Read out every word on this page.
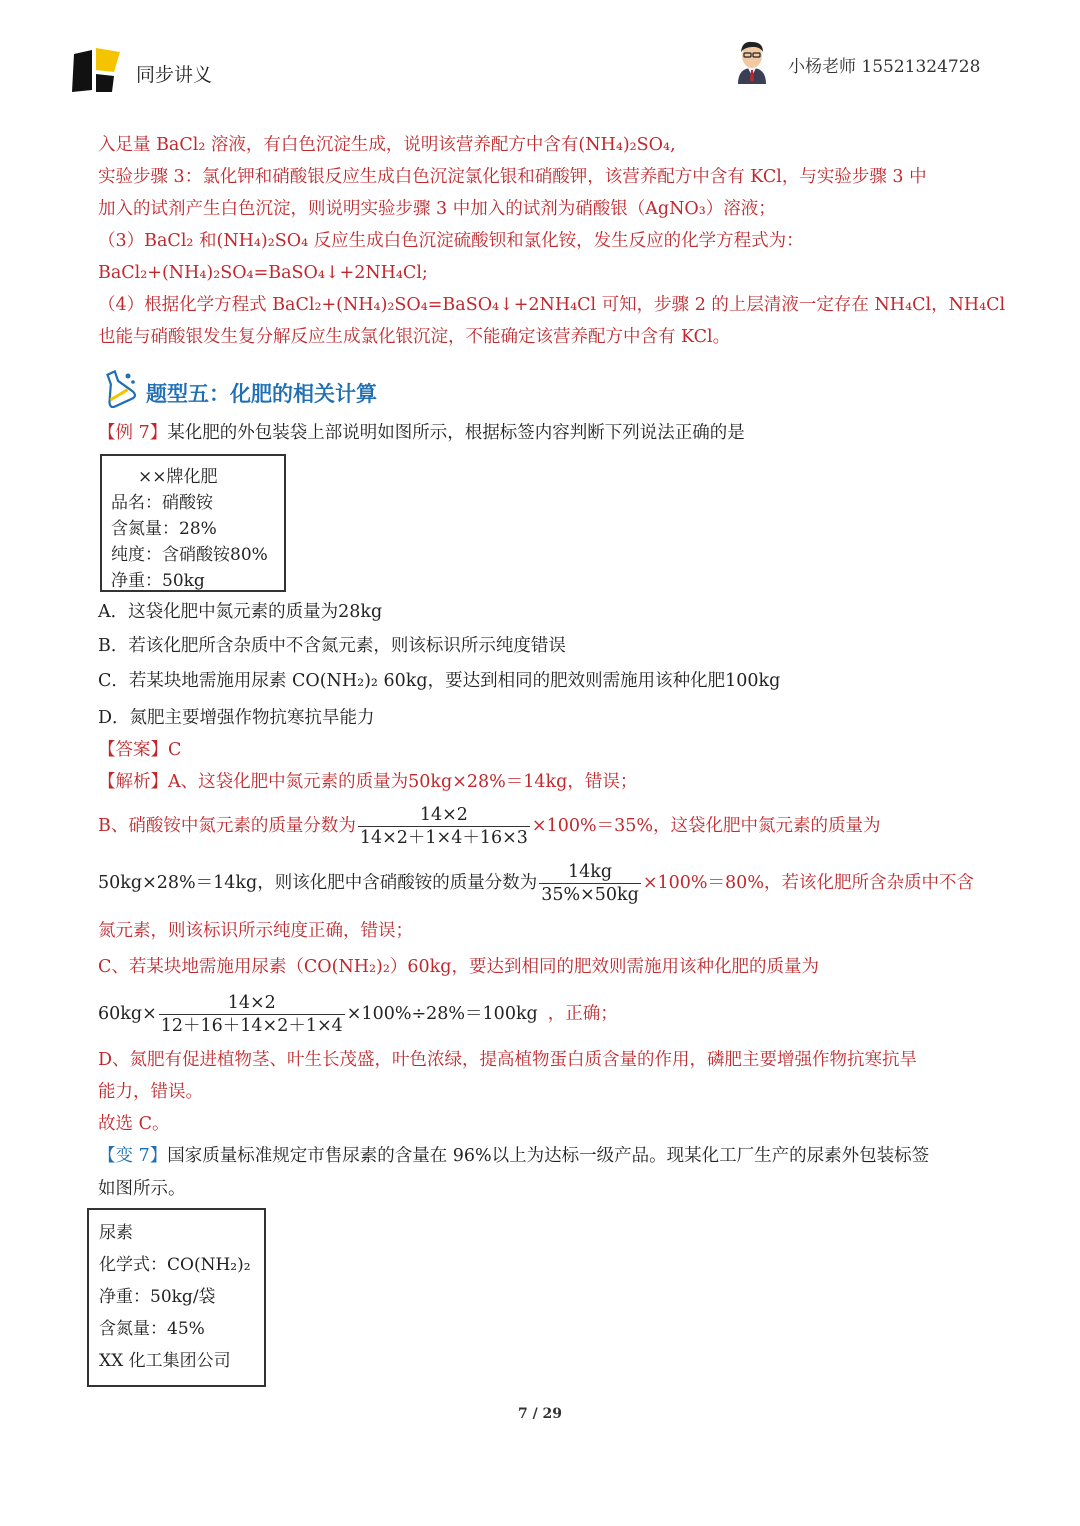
同步讲义	小杨老师 15521324728
入足量 BaCl₂ 溶液，有白色沉淀生成，说明该营养配方中含有(NH₄)₂SO₄,
实验步骤 3：氯化钾和硝酸银反应生成白色沉淀氯化银和硝酸钾，该营养配方中含有 KCl，与实验步骤 3 中
加入的试剂产生白色沉淀，则说明实验步骤 3 中加入的试剂为硝酸银（AgNO₃）溶液；
（3）BaCl₂ 和(NH₄)₂SO₄ 反应生成白色沉淀硫酸钡和氯化铵，发生反应的化学方程式为：
BaCl₂+(NH₄)₂SO₄=BaSO₄↓+2NH₄Cl;
（4）根据化学方程式 BaCl₂+(NH₄)₂SO₄=BaSO₄↓+2NH₄Cl 可知，步骤 2 的上层清液一定存在 NH₄Cl，NH₄Cl
也能与硝酸银发生复分解反应生成氯化银沉淀，不能确定该营养配方中含有 KCl。
题型五：化肥的相关计算
【例 7】某化肥的外包装袋上部说明如图所示，根据标签内容判断下列说法正确的是
××牌化肥
品名：硝酸铵
含氮量：28%
纯度：含硝酸铵80%
净重：50kg
A．这袋化肥中氮元素的质量为28kg
B．若该化肥所含杂质中不含氮元素，则该标识所示纯度错误
C．若某块地需施用尿素 CO(NH₂)₂ 60kg，要达到相同的肥效则需施用该种化肥100kg
D．氮肥主要增强作物抗寒抗旱能力
【答案】C
【解析】A、这袋化肥中氮元素的质量为50kg×28%＝14kg，错误；
B、硝酸铵中氮元素的质量分数为 $\frac{14\times 2}{14\times 2+1\times 4+16\times 3} \times 100\%=35\%$，这袋化肥中氮元素的质量为
50kg×28%＝14kg，则该化肥中含硝酸铵的质量分数为 $\frac{14kg}{35\%\times 50kg} \times 100\%=80\%$，若该化肥所含杂质中不含
氮元素，则该标识所示纯度正确，错误；
C、若某块地需施用尿素（CO(NH₂)₂）60kg，要达到相同的肥效则需施用该种化肥的质量为
$60kg\times \frac{14\times 2}{12+16+14\times 2+1\times 4} \times 100\%\div 28\%=100kg$ ，正确；
D、氮肥有促进植物茎、叶生长茂盛，叶色浓绿，提高植物蛋白质含量的作用，磷肥主要增强作物抗寒抗旱
能力，错误。
故选 C。
【变 7】国家质量标准规定市售尿素的含量在 96%以上为达标一级产品。现某化工厂生产的尿素外包装标签
如图所示。
尿素
化学式：CO(NH₂)₂
净重：50kg/袋
含氮量：45%
XX 化工集团公司
7 / 29
